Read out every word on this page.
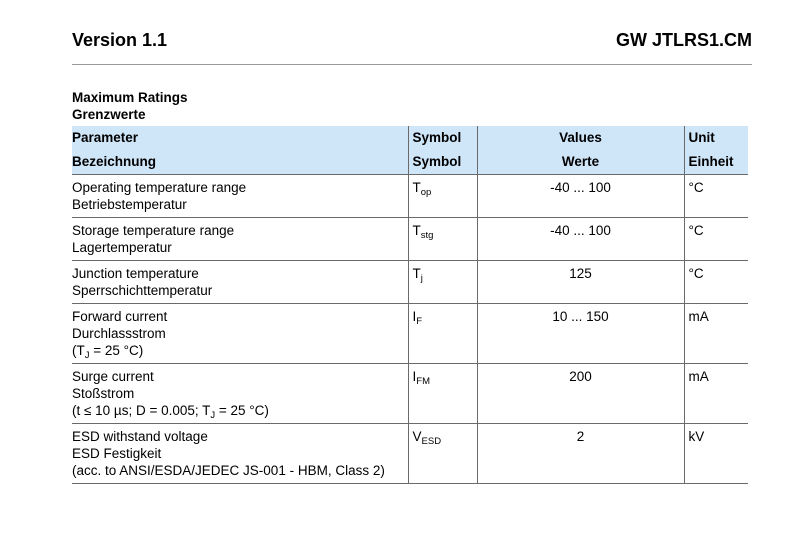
Version 1.1	GW JTLRS1.CM
Maximum Ratings
Grenzwerte
Parameter	Symbol	Values	Unit
Bezeichnung	Symbol	Werte	Einheit

Operating temperature range
Betriebstemperatur	$T_{op}$	-40 ... 100	°C

Storage temperature range
Lagertemperatur	$T_{stg}$	-40 ... 100	°C

Junction temperature
Sperrschichttemperatur	$T_j$	125	°C

Forward current
Durchlassstrom
($T_J = 25$ °C)	$I_F$	10 ... 150	mA

Surge current
Stoßstrom
(t ≤ 10 µs; D = 0.005; $T_J = 25$ °C)	$I_{FM}$	200	mA

ESD withstand voltage
ESD Festigkeit
(acc. to ANSI/ESDA/JEDEC JS-001 - HBM, Class 2)	$V_{ESD}$	2	kV
